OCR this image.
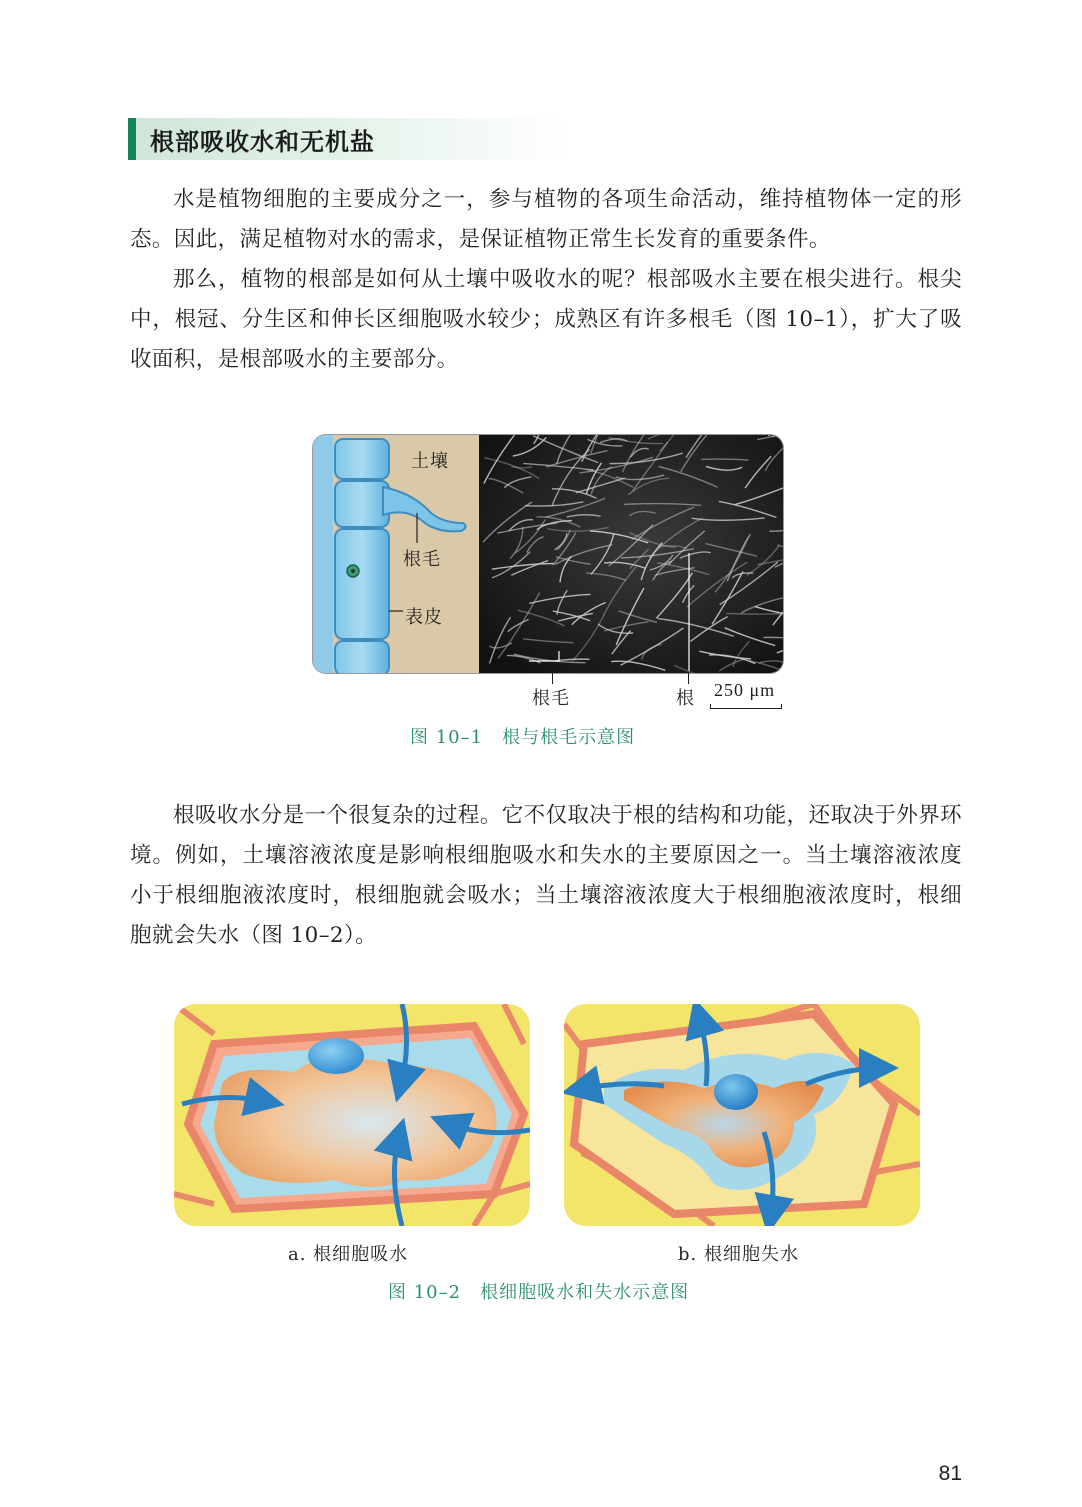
根部吸收水和无机盐

水是植物细胞的主要成分之一，参与植物的各项生命活动，维持植物体一定的形态。因此，满足植物对水的需求，是保证植物正常生长发育的重要条件。

那么，植物的根部是如何从土壤中吸收水的呢？根部吸水主要在根尖进行。根尖中，根冠、分生区和伸长区细胞吸水较少；成熟区有许多根毛（图 10–1），扩大了吸收面积，是根部吸水的主要部分。

土壤
根毛
表皮
根毛	根 250 μm
图 10–1　根与根毛示意图

根吸收水分是一个很复杂的过程。它不仅取决于根的结构和功能，还取决于外界环境。例如，土壤溶液浓度是影响根细胞吸水和失水的主要原因之一。当土壤溶液浓度小于根细胞液浓度时，根细胞就会吸水；当土壤溶液浓度大于根细胞液浓度时，根细胞就会失水（图 10–2）。

a. 根细胞吸水	b. 根细胞失水
图 10–2　根细胞吸水和失水示意图
81
